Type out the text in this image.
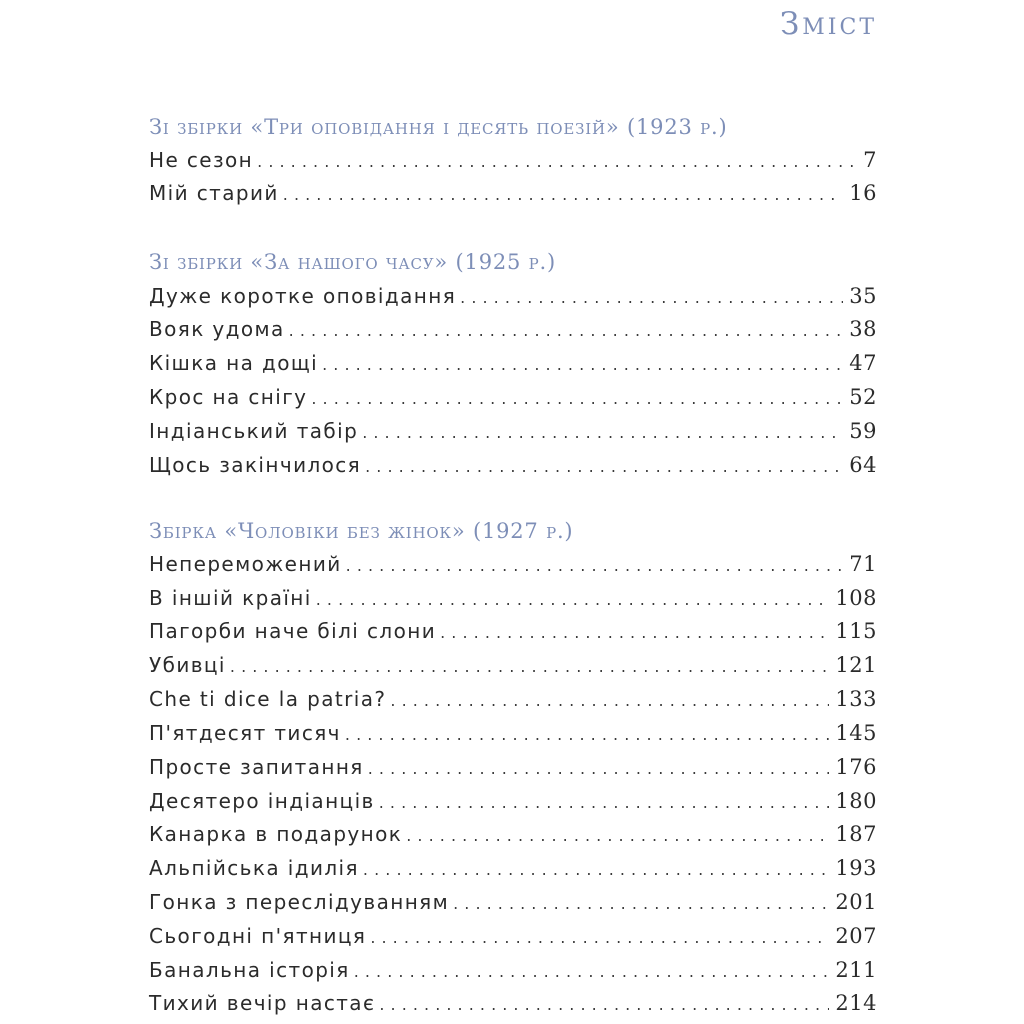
Зміст
Зі збірки «Три оповідання і десять поезій» (1923 р.)
Не сезон . . .	7
Мій старий . . .	16
Зі збірки «За нашого часу» (1925 р.)
Дуже коротке оповідання . . .	35
Вояк удома . . .	38
Кішка на дощі . . .	47
Крос на снігу . . .	52
Індіанський табір . . .	59
Щось закінчилося . . .	64
Збірка «Чоловіки без жінок» (1927 р.)
Непереможений . . .	71
В іншій країні . . .	108
Пагорби наче білі слони . . .	115
Убивці . . .	121
Che ti dice la patria? . . .	133
П'ятдесят тисяч . . .	145
Просте запитання . . .	176
Десятеро індіанців . . .	180
Канарка в подарунок . . .	187
Альпійська ідилія . . .	193
Гонка з переслідуванням . . .	201
Сьогодні п'ятниця . . .	207
Банальна історія . . .	211
Тихий вечір настає . . .	214
